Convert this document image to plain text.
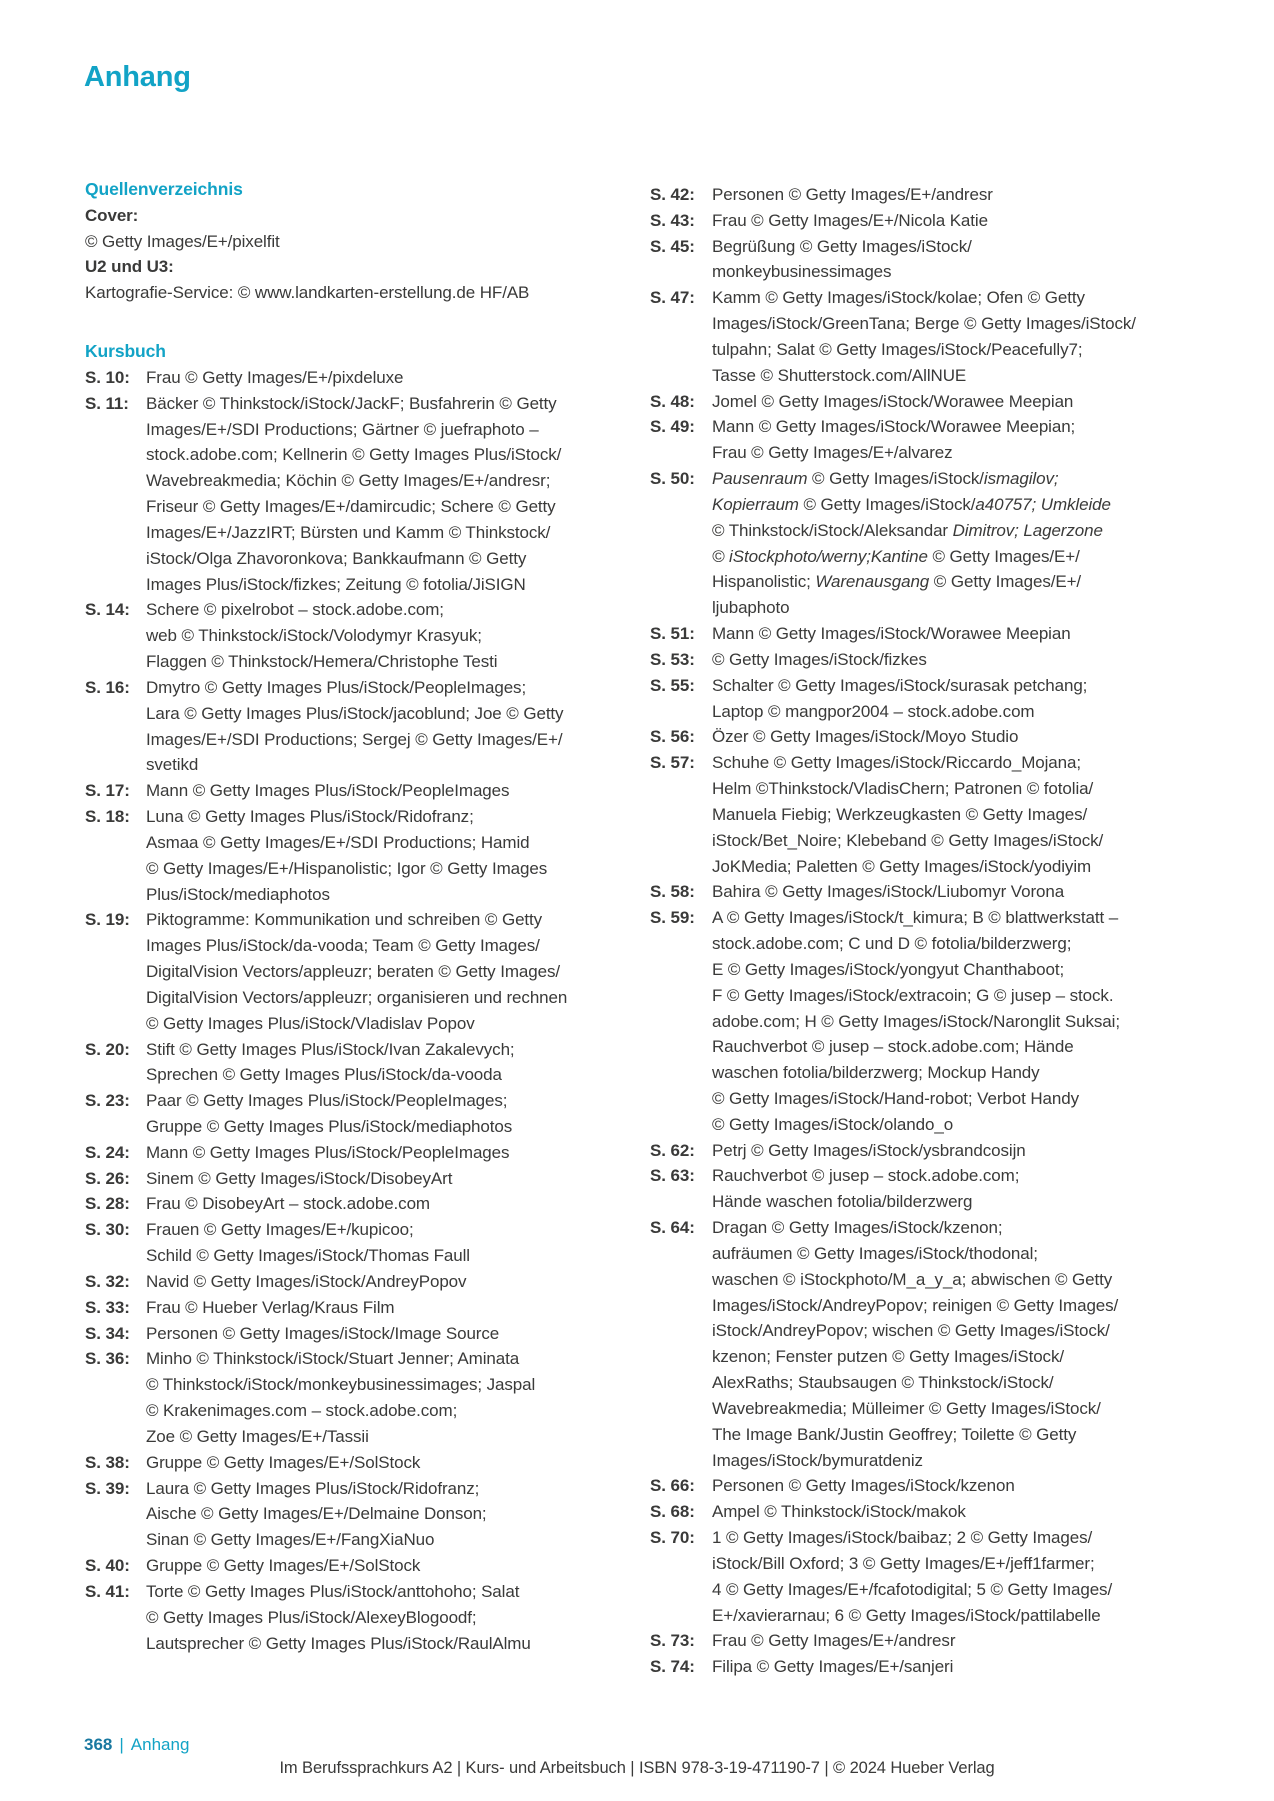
Anhang
Quellenverzeichnis
Cover:
© Getty Images/E+/pixelfit
U2 und U3:
Kartografie-Service: © www.landkarten-erstellung.de HF/AB
Kursbuch
S. 10: Frau © Getty Images/E+/pixdeluxe
S. 11:	Bäcker © Thinkstock/iStock/JackF; Busfahrerin © Getty
Images/E+/SDI Productions; Gärtner © juefraphoto –
stock.adobe.com; Kellnerin © Getty Images Plus/iStock/
Wavebreakmedia; Köchin © Getty Images/E+/andresr;
Friseur © Getty Images/E+/damircudic; Schere © Getty
Images/E+/JazzIRT; Bürsten und Kamm © Thinkstock/
iStock/Olga Zhavoronkova; Bankkaufmann © Getty
Images Plus/iStock/fizkes; Zeitung © fotolia/JiSIGN
S. 14: Schere © pixelrobot – stock.adobe.com;
web © Thinkstock/iStock/Volodymyr Krasyuk;
Flaggen © Thinkstock/Hemera/Christophe Testi
S. 16: Dmytro © Getty Images Plus/iStock/PeopleImages;
Lara © Getty Images Plus/iStock/jacoblund; Joe © Getty
Images/E+/SDI Productions; Sergej © Getty Images/E+/
svetikd
S. 17: Mann © Getty Images Plus/iStock/PeopleImages
S. 18: Luna © Getty Images Plus/iStock/Ridofranz;
Asmaa © Getty Images/E+/SDI Productions; Hamid
© Getty Images/E+/Hispanolistic; Igor © Getty Images
Plus/iStock/mediaphotos
S. 19: Piktogramme: Kommunikation und schreiben © Getty
Images Plus/iStock/da-vooda; Team © Getty Images/
DigitalVision Vectors/appleuzr; beraten © Getty Images/
DigitalVision Vectors/appleuzr; organisieren und rechnen
© Getty Images Plus/iStock/Vladislav Popov
S. 20: Stift © Getty Images Plus/iStock/Ivan Zakalevych;
Sprechen © Getty Images Plus/iStock/da-vooda
S. 23: Paar © Getty Images Plus/iStock/PeopleImages;
Gruppe © Getty Images Plus/iStock/mediaphotos
S. 24: Mann © Getty Images Plus/iStock/PeopleImages
S. 26: Sinem © Getty Images/iStock/DisobeyArt
S. 28: Frau © DisobeyArt – stock.adobe.com
S. 30: Frauen © Getty Images/E+/kupicoo;
Schild © Getty Images/iStock/Thomas Faull
S. 32: Navid © Getty Images/iStock/AndreyPopov
S. 33: Frau © Hueber Verlag/Kraus Film
S. 34: Personen © Getty Images/iStock/Image Source
S. 36: Minho © Thinkstock/iStock/Stuart Jenner; Aminata
© Thinkstock/iStock/monkeybusinessimages; Jaspal
© Krakenimages.com – stock.adobe.com;
Zoe © Getty Images/E+/Tassii
S. 38: Gruppe © Getty Images/E+/SolStock
S. 39: Laura © Getty Images Plus/iStock/Ridofranz;
Aische © Getty Images/E+/Delmaine Donson;
Sinan © Getty Images/E+/FangXiaNuo
S. 40: Gruppe © Getty Images/E+/SolStock
S. 41: Torte © Getty Images Plus/iStock/anttohoho; Salat
© Getty Images Plus/iStock/AlexeyBlogoodf;
Lautsprecher © Getty Images Plus/iStock/RaulAlmu
S. 42:	Personen © Getty Images/E+/andresr
S. 43:	Frau © Getty Images/E+/Nicola Katie
S. 45:	Begrüßung © Getty Images/iStock/
monkeybusinessimages
S. 47:	Kamm © Getty Images/iStock/kolae; Ofen © Getty
Images/iStock/GreenTana; Berge © Getty Images/iStock/
tulpahn; Salat © Getty Images/iStock/Peacefully7;
Tasse © Shutterstock.com/AllNUE
S. 48:	Jomel © Getty Images/iStock/Worawee Meepian
S. 49:	Mann © Getty Images/iStock/Worawee Meepian;
Frau © Getty Images/E+/alvarez
S. 50:	Pausenraum © Getty Images/iStock/ismagilov;
Kopierraum © Getty Images/iStock/a40757; Umkleide
© Thinkstock/iStock/Aleksandar Dimitrov; Lagerzone
© iStockphoto/werny;Kantine © Getty Images/E+/
Hispanolistic; Warenausgang © Getty Images/E+/
ljubaphoto
S. 51:	Mann © Getty Images/iStock/Worawee Meepian
S. 53:	© Getty Images/iStock/fizkes
S. 55:	Schalter © Getty Images/iStock/surasak petchang;
Laptop © mangpor2004 – stock.adobe.com
S. 56:	Özer © Getty Images/iStock/Moyo Studio
S. 57:	Schuhe © Getty Images/iStock/Riccardo_Mojana;
Helm ©Thinkstock/VladisChern; Patronen © fotolia/
Manuela Fiebig; Werkzeugkasten © Getty Images/
iStock/Bet_Noire; Klebeband © Getty Images/iStock/
JoKMedia; Paletten © Getty Images/iStock/yodiyim
S. 58:	Bahira © Getty Images/iStock/Liubomyr Vorona
S. 59:	A © Getty Images/iStock/t_kimura; B © blattwerkstatt –
stock.adobe.com; C und D © fotolia/bilderzwerg;
E © Getty Images/iStock/yongyut Chanthaboot;
F © Getty Images/iStock/extracoin; G © jusep – stock.
adobe.com; H © Getty Images/iStock/Naronglit Suksai;
Rauchverbot © jusep – stock.adobe.com; Hände
waschen fotolia/bilderzwerg; Mockup Handy
© Getty Images/iStock/Hand-robot; Verbot Handy
© Getty Images/iStock/olando_o
S. 62:	Petrj © Getty Images/iStock/ysbrandcosijn
S. 63:	Rauchverbot © jusep – stock.adobe.com;
Hände waschen fotolia/bilderzwerg
S. 64:	Dragan © Getty Images/iStock/kzenon;
aufräumen © Getty Images/iStock/thodonal;
waschen © iStockphoto/M_a_y_a; abwischen © Getty
Images/iStock/AndreyPopov; reinigen © Getty Images/
iStock/AndreyPopov; wischen © Getty Images/iStock/
kzenon; Fenster putzen © Getty Images/iStock/
AlexRaths; Staubsaugen © Thinkstock/iStock/
Wavebreakmedia; Mülleimer © Getty Images/iStock/
The Image Bank/Justin Geoffrey; Toilette © Getty
Images/iStock/bymuratdeniz
S. 66:	Personen © Getty Images/iStock/kzenon
S. 68:	Ampel © Thinkstock/iStock/makok
S. 70:	1 © Getty Images/iStock/baibaz; 2 © Getty Images/
iStock/Bill Oxford; 3 © Getty Images/E+/jeff1farmer;
4 © Getty Images/E+/fcafotodigital; 5 © Getty Images/
E+/xavierarnau; 6 © Getty Images/iStock/pattilabelle
S. 73:	Frau © Getty Images/E+/andresr
S. 74:	Filipa © Getty Images/E+/sanjeri
368 | Anhang
Im Berufssprachkurs A2 | Kurs- und Arbeitsbuch | ISBN 978-3-19-471190-7 | © 2024 Hueber Verlag
